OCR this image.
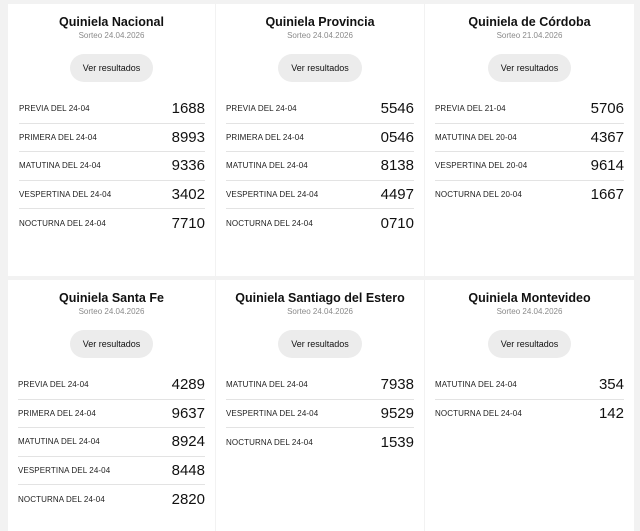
Quiniela Nacional
Sorteo 24.04.2026
Ver resultados
PREVIA DEL 24-04	1688
PRIMERA DEL 24-04	8993
MATUTINA DEL 24-04	9336
VESPERTINA DEL 24-04	3402
NOCTURNA DEL 24-04	7710
Quiniela Provincia
Sorteo 24.04.2026
Ver resultados
PREVIA DEL 24-04	5546
PRIMERA DEL 24-04	0546
MATUTINA DEL 24-04	8138
VESPERTINA DEL 24-04	4497
NOCTURNA DEL 24-04	0710
Quiniela de Córdoba
Sorteo 21.04.2026
Ver resultados
PREVIA DEL 21-04	5706
MATUTINA DEL 20-04	4367
VESPERTINA DEL 20-04	9614
NOCTURNA DEL 20-04	1667
Quiniela Santa Fe
Sorteo 24.04.2026
Ver resultados
PREVIA DEL 24-04	4289
PRIMERA DEL 24-04	9637
MATUTINA DEL 24-04	8924
VESPERTINA DEL 24-04	8448
NOCTURNA DEL 24-04	2820
Quiniela Santiago del Estero
Sorteo 24.04.2026
Ver resultados
MATUTINA DEL 24-04	7938
VESPERTINA DEL 24-04	9529
NOCTURNA DEL 24-04	1539
Quiniela Montevideo
Sorteo 24.04.2026
Ver resultados
MATUTINA DEL 24-04	354
NOCTURNA DEL 24-04	142
